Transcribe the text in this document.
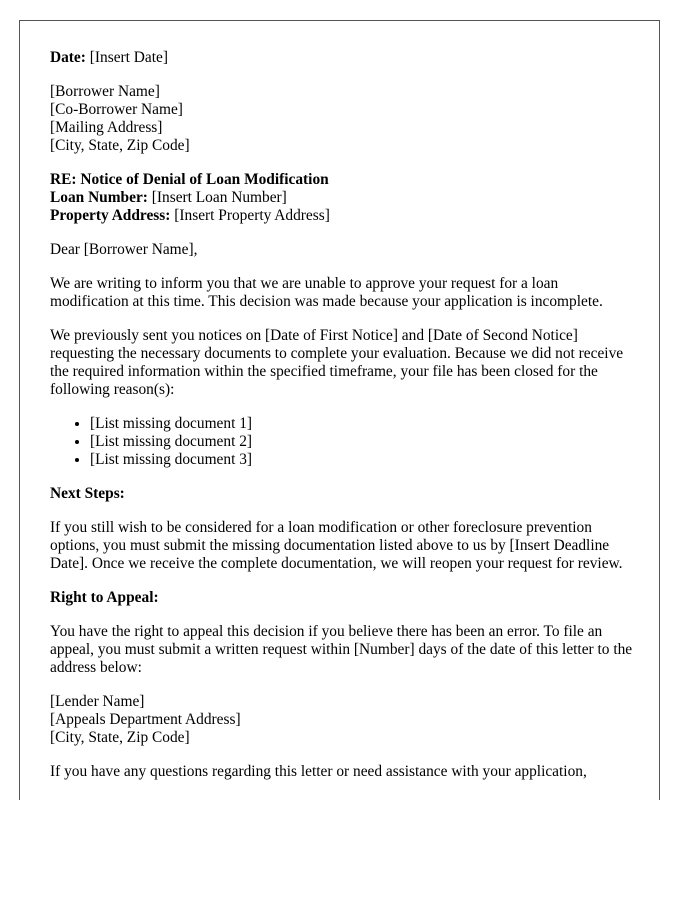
Date: [Insert Date]

[Borrower Name]
[Co-Borrower Name]
[Mailing Address]
[City, State, Zip Code]
RE: Notice of Denial of Loan Modification
Loan Number: [Insert Loan Number]
Property Address: [Insert Property Address]

Dear [Borrower Name],

We are writing to inform you that we are unable to approve your request for a loan modification at this time. This decision was made because your application is incomplete.

We previously sent you notices on [Date of First Notice] and [Date of Second Notice] requesting the necessary documents to complete your evaluation. Because we did not receive the required information within the specified timeframe, your file has been closed for the following reason(s):

• [List missing document 1]
• [List missing document 2]
• [List missing document 3]

Next Steps:

If you still wish to be considered for a loan modification or other foreclosure prevention options, you must submit the missing documentation listed above to us by [Insert Deadline Date]. Once we receive the complete documentation, we will reopen your request for review.

Right to Appeal:

You have the right to appeal this decision if you believe there has been an error. To file an appeal, you must submit a written request within [Number] days of the date of this letter to the address below:

[Lender Name]
[Appeals Department Address]
[City, State, Zip Code]

If you have any questions regarding this letter or need assistance with your application,
